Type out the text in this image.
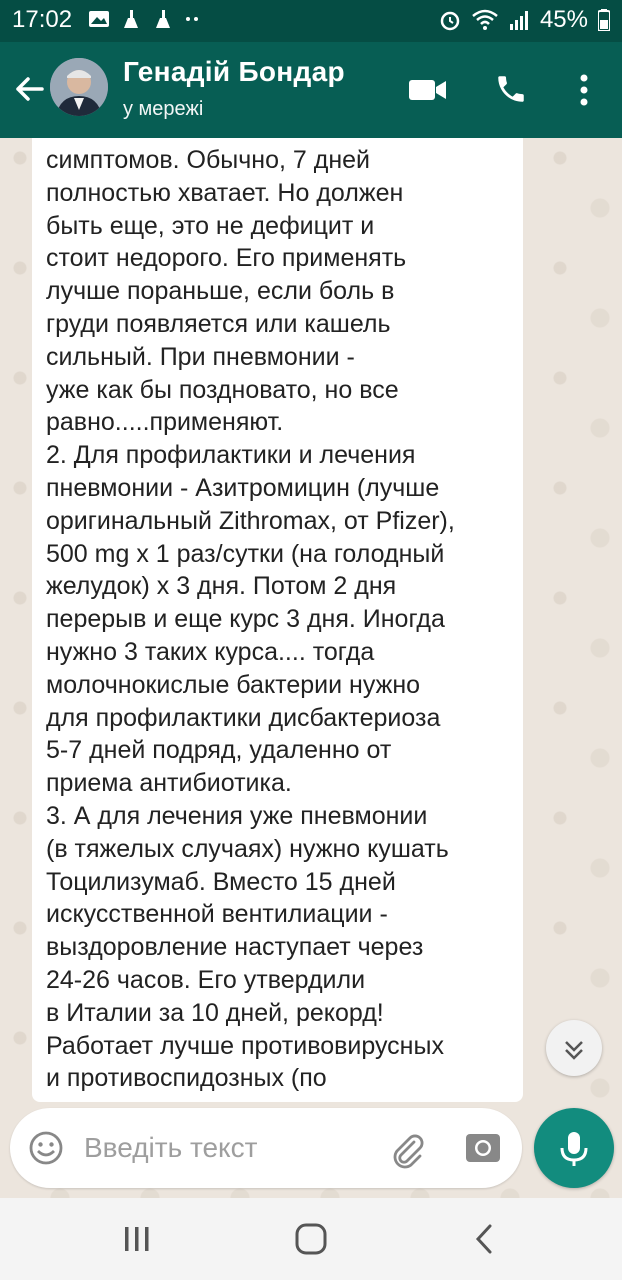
17:02	45%
Генадій Бондар
у мережі
симптомов. Обычно, 7 дней
полностью хватает. Но должен
быть еще, это не дефицит и
стоит недорого. Его применять
лучше пораньше, если боль в
груди появляется или кашель
сильный. При пневмонии -
уже как бы поздновато, но все
равно.....применяют.
2. Для профилактики и лечения
пневмонии - Азитромицин (лучше
оригинальный Zithromax, от Pfizer),
500 mg x 1 раз/сутки (на голодный
желудок) х 3 дня. Потом 2 дня
перерыв и еще курс 3 дня. Иногда
нужно 3 таких курса.... тогда
молочнокислые бактерии нужно
для профилактики дисбактериоза
5-7 дней подряд, удаленно от
приема антибиотика.
3. А для лечения уже пневмонии
(в тяжелых случаях) нужно кушать
Тоцилизумаб. Вместо 15 дней
искусственной вентилиации -
выздоровление наступает через
24-26 часов. Его утвердили
в Италии за 10 дней, рекорд!
Работает лучше противовирусных
и противоспидозных (по
Введіть текст
